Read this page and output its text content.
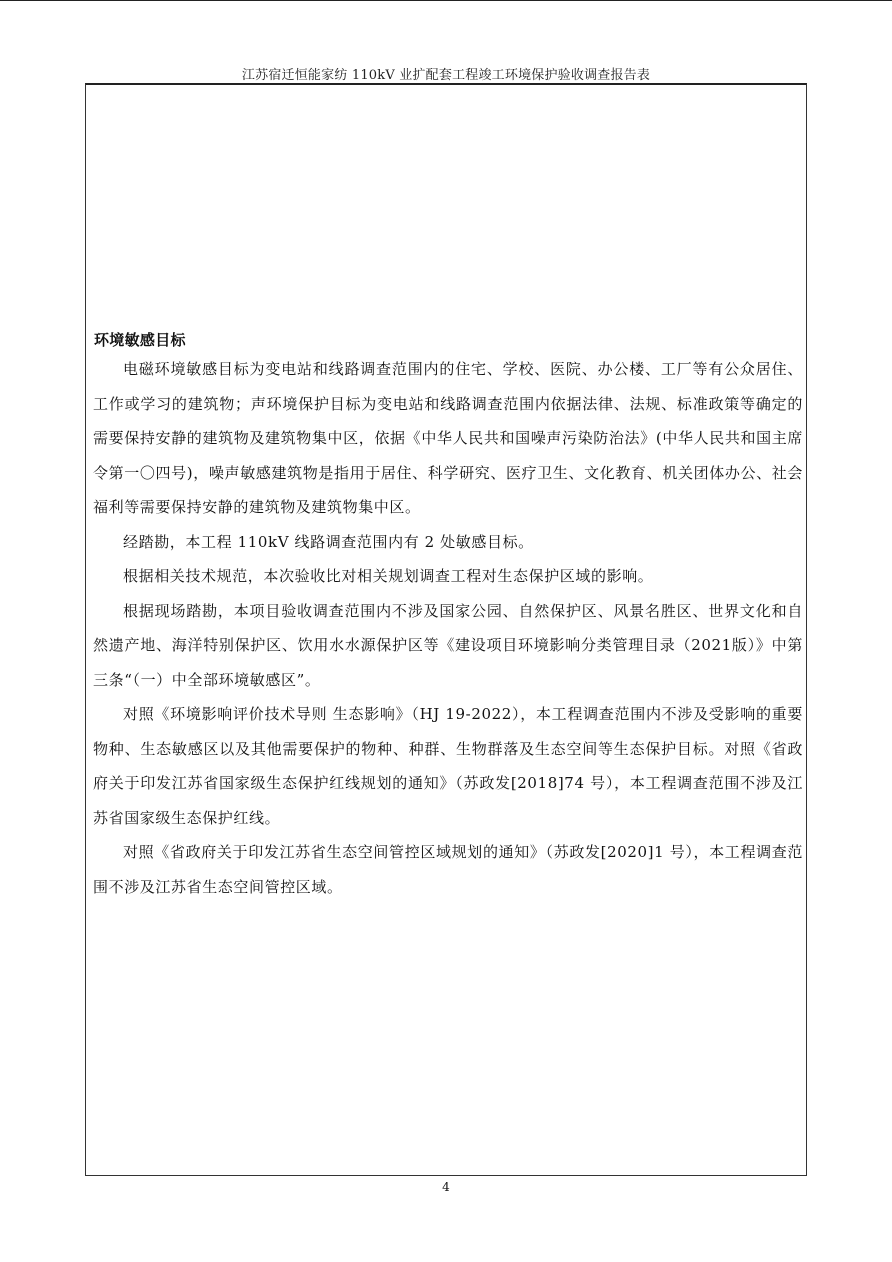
江苏宿迁恒能家纺 110kV 业扩配套工程竣工环境保护验收调查报告表
环境敏感目标

电磁环境敏感目标为变电站和线路调查范围内的住宅、学校、医院、办公楼、工厂等有公众居住、工作或学习的建筑物；声环境保护目标为变电站和线路调查范围内依据法律、法规、标准政策等确定的需要保持安静的建筑物及建筑物集中区，依据《中华人民共和国噪声污染防治法》(中华人民共和国主席令第一〇四号)，噪声敏感建筑物是指用于居住、科学研究、医疗卫生、文化教育、机关团体办公、社会福利等需要保持安静的建筑物及建筑物集中区。

经踏勘，本工程 110kV 线路调查范围内有 2 处敏感目标。

根据相关技术规范，本次验收比对相关规划调查工程对生态保护区域的影响。

根据现场踏勘，本项目验收调查范围内不涉及国家公园、自然保护区、风景名胜区、世界文化和自然遗产地、海洋特别保护区、饮用水水源保护区等《建设项目环境影响分类管理目录（2021版）》中第三条“（一）中全部环境敏感区”。

对照《环境影响评价技术导则 生态影响》（HJ 19-2022），本工程调查范围内不涉及受影响的重要物种、生态敏感区以及其他需要保护的物种、种群、生物群落及生态空间等生态保护目标。对照《省政府关于印发江苏省国家级生态保护红线规划的通知》（苏政发[2018]74 号），本工程调查范围不涉及江苏省国家级生态保护红线。

对照《省政府关于印发江苏省生态空间管控区域规划的通知》（苏政发[2020]1 号），本工程调查范围不涉及江苏省生态空间管控区域。

4
